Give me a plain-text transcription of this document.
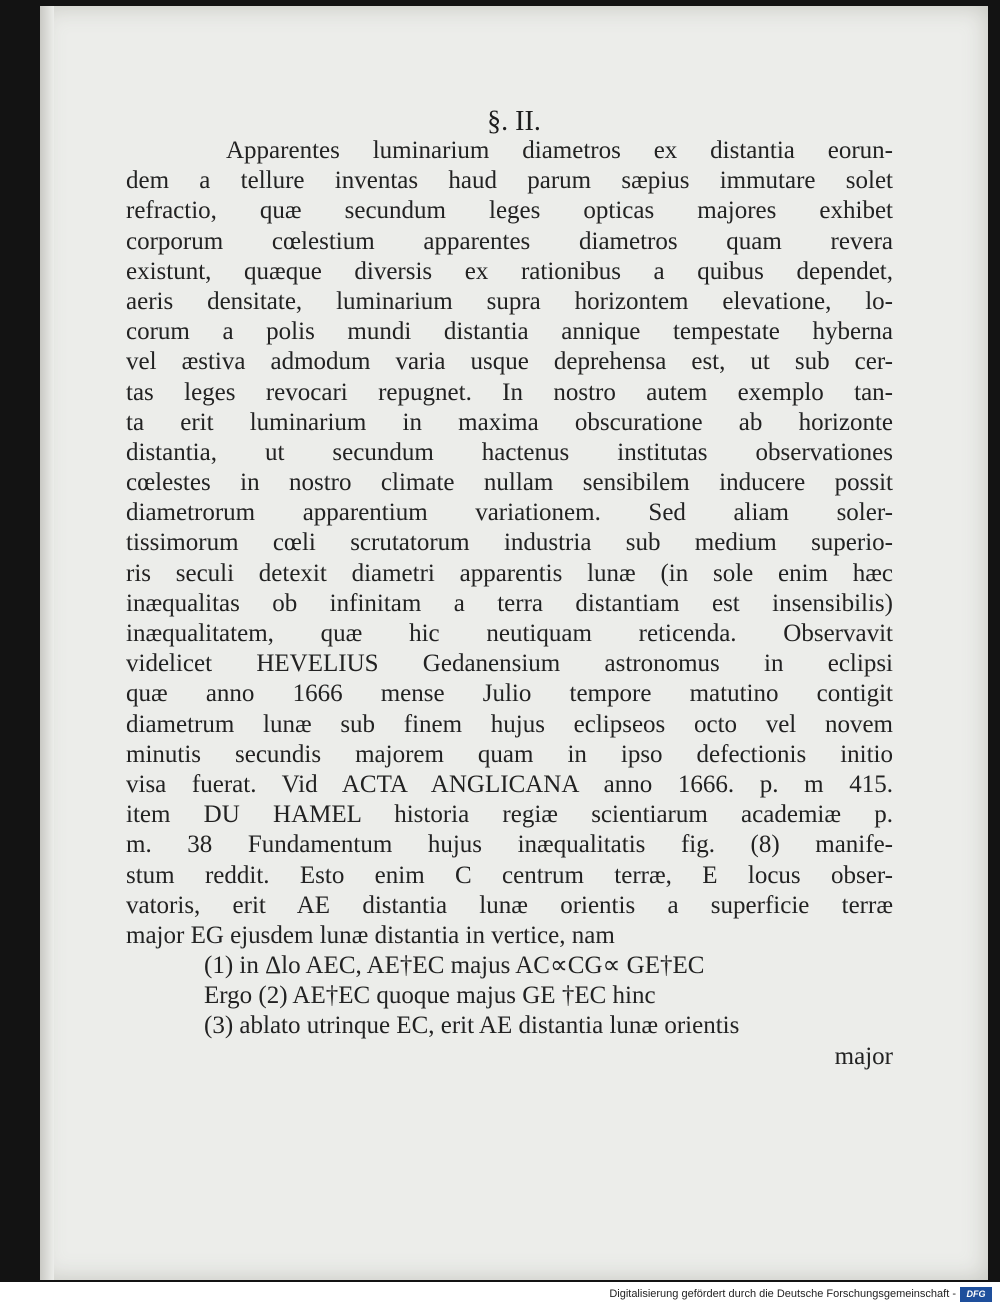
§. II.
Apparentes luminarium diametros ex distantia eorun-
dem a tellure inventas haud parum sæpius immutare solet
refractio, quæ secundum leges opticas majores exhibet
corporum cœlestium apparentes diametros quam revera
existunt, quæque diversis ex rationibus a quibus dependet,
aeris densitate, luminarium supra horizontem elevatione, lo-
corum a polis mundi distantia annique tempestate hyberna
vel æstiva admodum varia usque deprehensa est, ut sub cer-
tas leges revocari repugnet. In nostro autem exemplo tan-
ta erit luminarium in maxima obscuratione ab horizonte
distantia, ut secundum hactenus institutas observationes
cœlestes in nostro climate nullam sensibilem inducere possit
diametrorum apparentium variationem. Sed aliam soler-
tissimorum cœli scrutatorum industria sub medium superio-
ris seculi detexit diametri apparentis lunæ (in sole enim hæc
inæqualitas ob infinitam a terra distantiam est insensibilis)
inæqualitatem, quæ hic neutiquam reticenda. Observavit
videlicet HEVELIUS Gedanensium astronomus in eclipsi
quæ anno 1666 mense Julio tempore matutino contigit
diametrum lunæ sub finem hujus eclipseos octo vel novem
minutis secundis majorem quam in ipso defectionis initio
visa fuerat. Vid ACTA ANGLICANA anno 1666. p. m 415.
item DU HAMEL historia regiæ scientiarum academiæ p.
m. 38 Fundamentum hujus inæqualitatis fig. (8) manife-
stum reddit. Esto enim C centrum terræ, E locus obser-
vatoris, erit AE distantia lunæ orientis a superficie terræ
major EG ejusdem lunæ distantia in vertice, nam
(1) in Δlo AEC, AE†EC majus AC∝CG∝ GE†EC
Ergo (2) AE†EC quoque majus GE †EC hinc
(3) ablato utrinque EC, erit AE distantia lunæ orientis
major
Digitalisierung gefördert durch die Deutsche Forschungsgemeinschaft -	DFG
